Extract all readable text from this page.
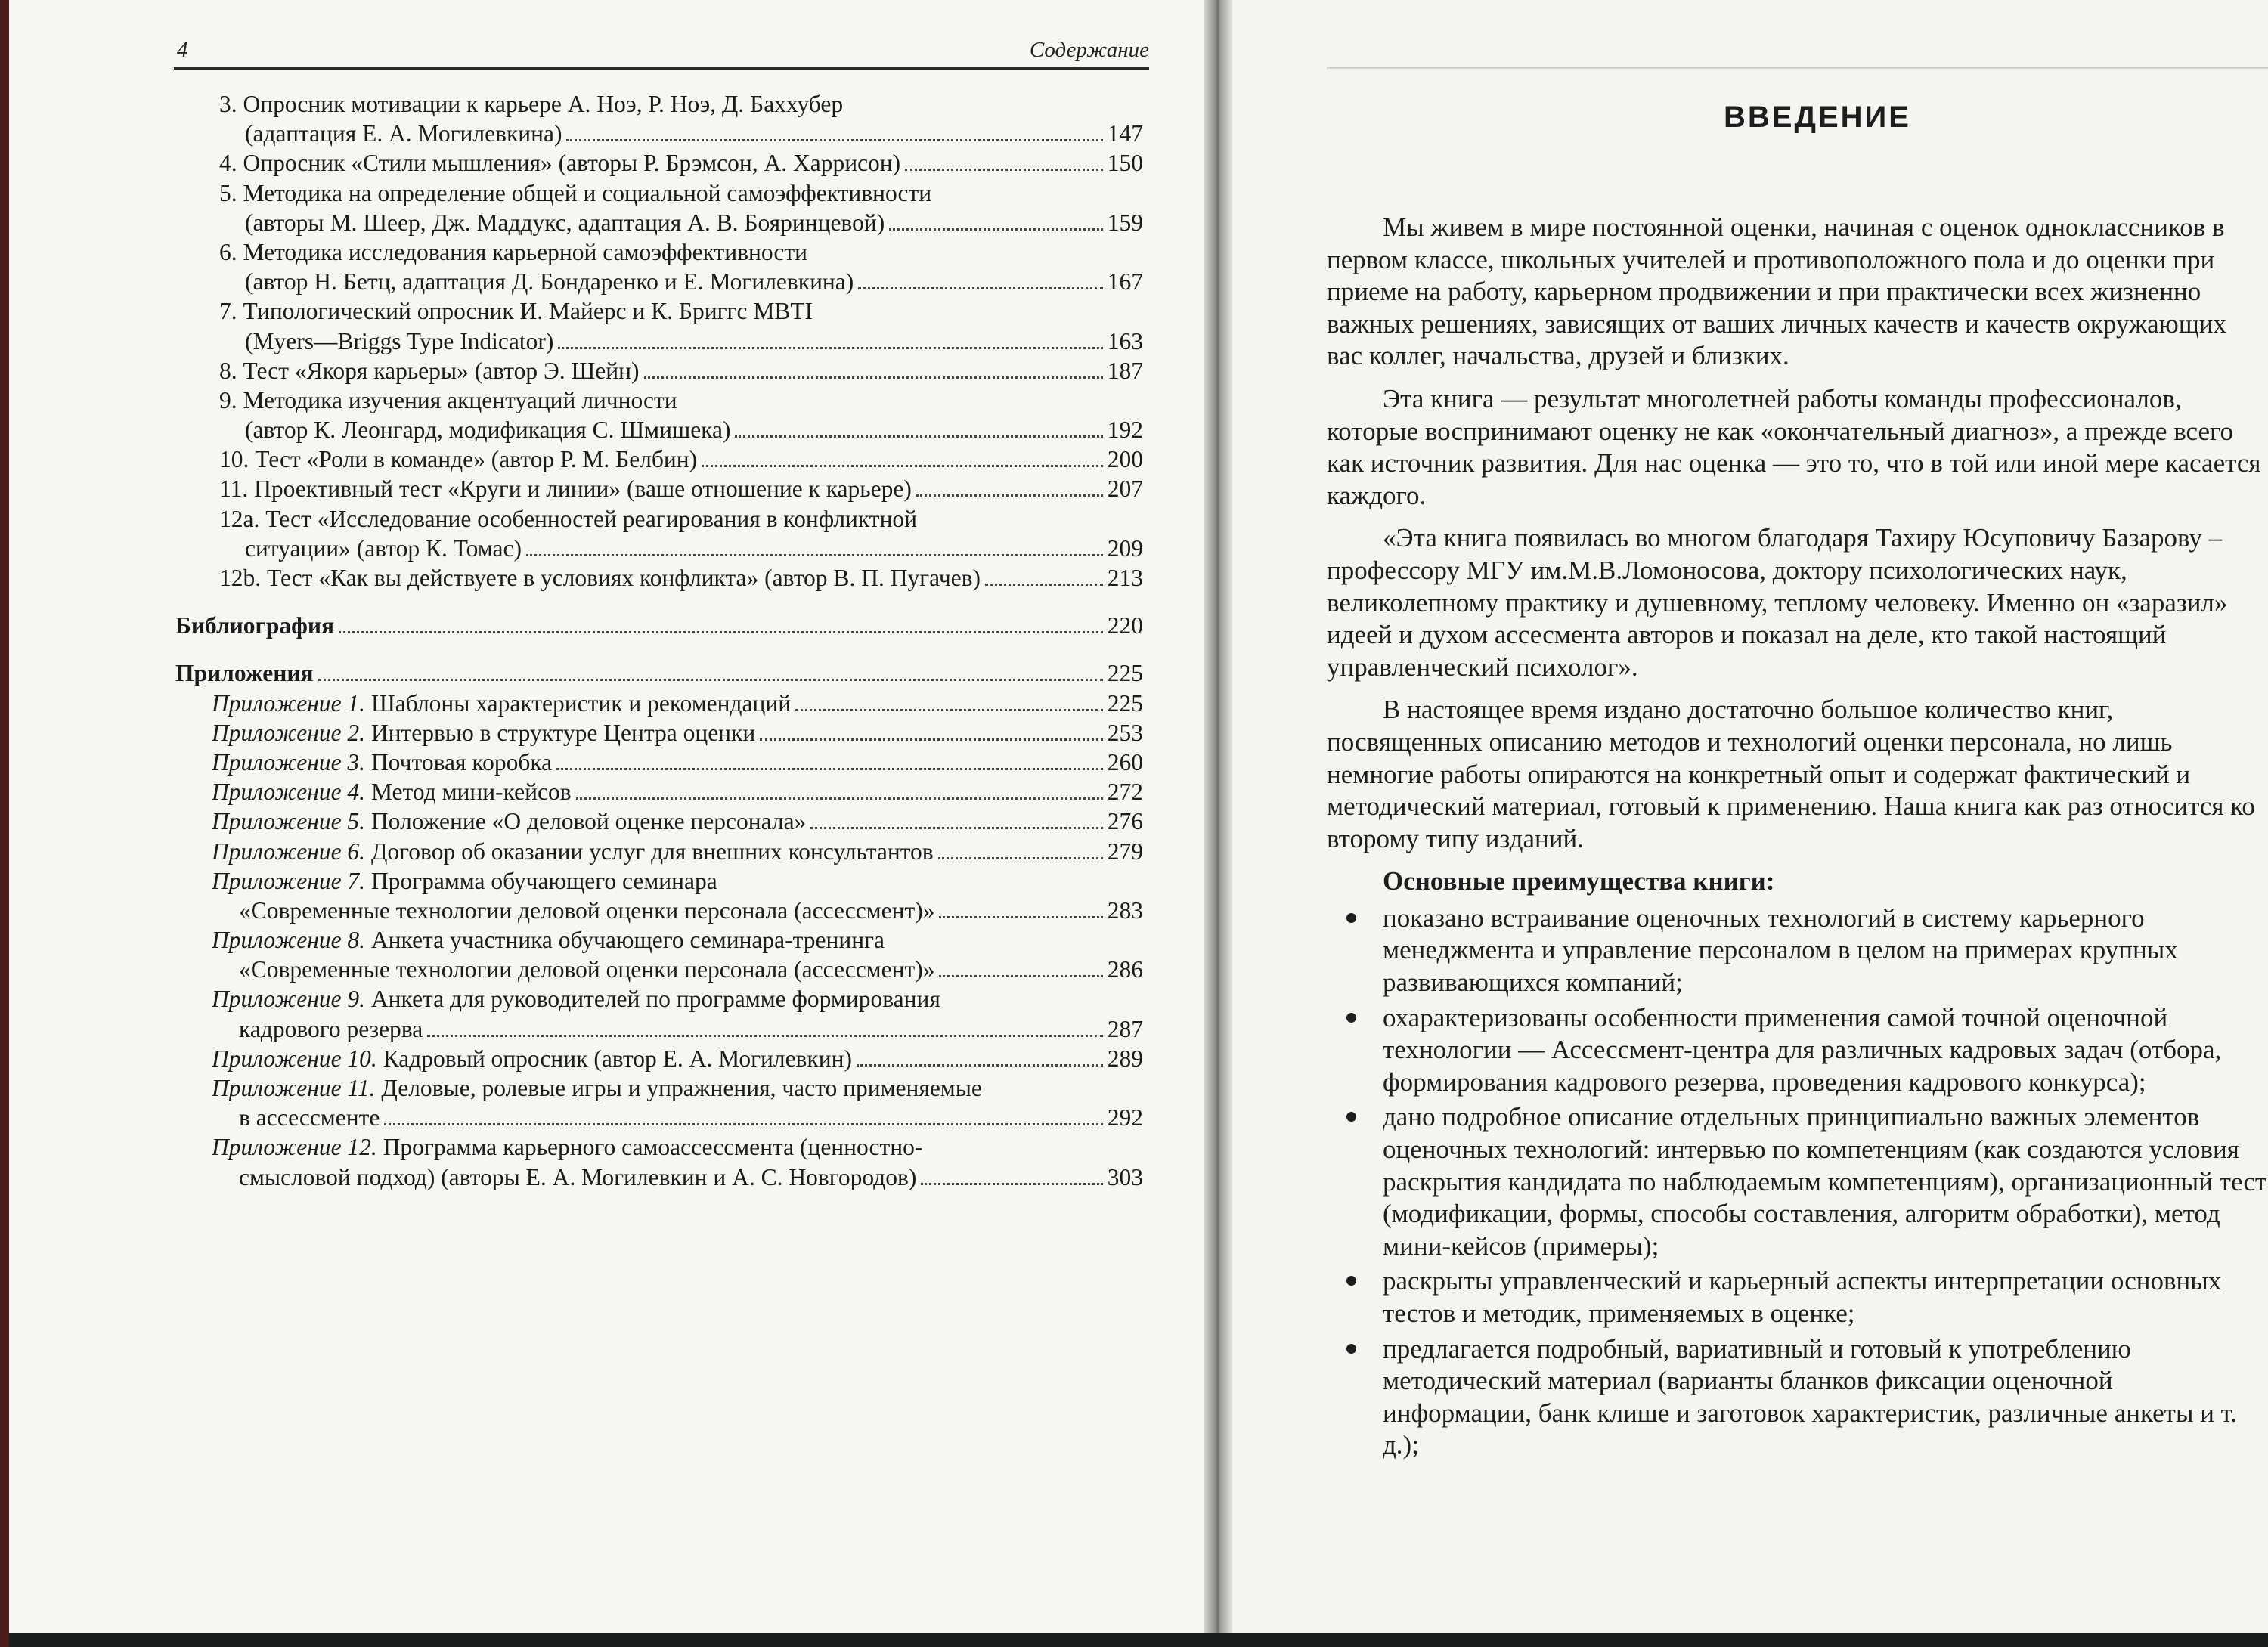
4	Содержание
3. Опросник мотивации к карьере А. Ноэ, Р. Ноэ, Д. Баххубер
(адаптация Е. А. Могилевкина)	147
4. Опросник «Стили мышления» (авторы Р. Брэмсон, А. Харрисон)	150
5. Методика на определение общей и социальной самоэффективности
(авторы М. Шеер, Дж. Маддукс, адаптация А. В. Бояринцевой)	159
6. Методика исследования карьерной самоэффективности
(автор Н. Бетц, адаптация Д. Бондаренко и Е. Могилевкина)	167
7. Типологический опросник И. Майерс и К. Бриггс MBTI
(Myers—Briggs Type Indicator)	163
8. Тест «Якоря карьеры» (автор Э. Шейн)	187
9. Методика изучения акцентуаций личности
(автор К. Леонгард, модификация С. Шмишека)	192
10. Тест «Роли в команде» (автор Р. М. Белбин)	200
11. Проективный тест «Круги и линии» (ваше отношение к карьере)	207
12a. Тест «Исследование особенностей реагирования в конфликтной
ситуации» (автор К. Томас)	209
12b. Тест «Как вы действуете в условиях конфликта» (автор В. П. Пугачев)	213
Библиография	220
Приложения	225
Приложение 1. Шаблоны характеристик и рекомендаций	225
Приложение 2. Интервью в структуре Центра оценки	253
Приложение 3. Почтовая коробка	260
Приложение 4. Метод мини-кейсов	272
Приложение 5. Положение «О деловой оценке персонала»	276
Приложение 6. Договор об оказании услуг для внешних консультантов	279
Приложение 7. Программа обучающего семинара
«Современные технологии деловой оценки персонала (ассессмент)»	283
Приложение 8. Анкета участника обучающего семинара-тренинга
«Современные технологии деловой оценки персонала (ассессмент)»	286
Приложение 9. Анкета для руководителей по программе формирования
кадрового резерва	287
Приложение 10. Кадровый опросник (автор Е. А. Могилевкин)	289
Приложение 11. Деловые, ролевые игры и упражнения, часто применяемые
в ассессменте	292
Приложение 12. Программа карьерного самоассессмента (ценностно-
смысловой подход) (авторы Е. А. Могилевкин и А. С. Новгородов)	303
ВВЕДЕНИЕ

Мы живем в мире постоянной оценки, начиная с оценок одноклассников в первом классе, школьных учителей и противоположного пола и до оценки при приеме на работу, карьерном продвижении и при практически всех жизненно важных решениях, зависящих от ваших личных качеств и качеств окружающих вас коллег, начальства, друзей и близких.

Эта книга — результат многолетней работы команды профессионалов, которые воспринимают оценку не как «окончательный диагноз», а прежде всего как источник развития. Для нас оценка — это то, что в той или иной мере касается каждого.

«Эта книга появилась во многом благодаря Тахиру Юсуповичу Базарову – профессору МГУ им.М.В.Ломоносова, доктору психологических наук, великолепному практику и душевному, теплому человеку. Именно он «заразил» идеей и духом ассесмента авторов и показал на деле, кто такой настоящий управленческий психолог».

В настоящее время издано достаточно большое количество книг, посвященных описанию методов и технологий оценки персонала, но лишь немногие работы опираются на конкретный опыт и содержат фактический и методический материал, готовый к применению. Наша книга как раз относится ко второму типу изданий.

Основные преимущества книги:

показано встраивание оценочных технологий в систему карьерного менеджмента и управление персоналом в целом на примерах крупных развивающихся компаний;
охарактеризованы особенности применения самой точной оценочной технологии — Ассессмент-центра для различных кадровых задач (отбора, формирования кадрового резерва, проведения кадрового конкурса);
дано подробное описание отдельных принципиально важных элементов оценочных технологий: интервью по компетенциям (как создаются условия раскрытия кандидата по наблюдаемым компетенциям), организационный тест (модификации, формы, способы составления, алгоритм обработки), метод мини-кейсов (примеры);
раскрыты управленческий и карьерный аспекты интерпретации основных тестов и методик, применяемых в оценке;
предлагается подробный, вариативный и готовый к употреблению методический материал (варианты бланков фиксации оценочной информации, банк клише и заготовок характеристик, различные анкеты и т. д.);
